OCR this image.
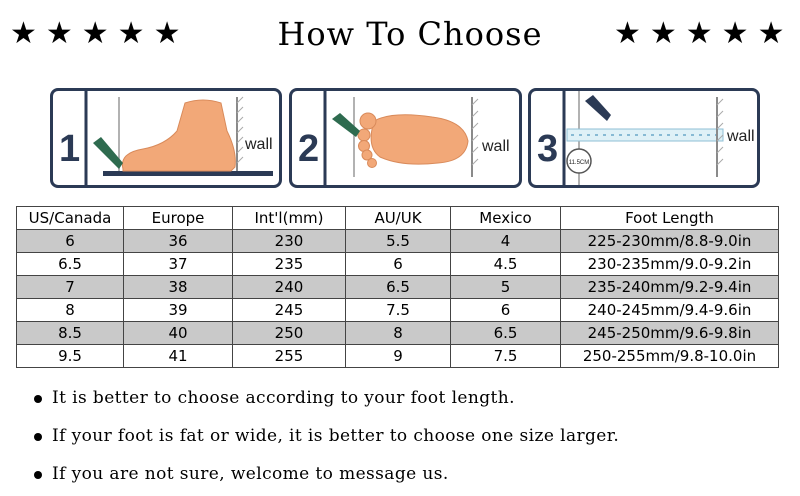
★★★★★	How To Choose	★★★★★
1	wall 2	wall 3 11.5CM
wall
US/Canada	Europe	Int'l(mm)	AU/UK	Mexico	Foot Length
6	36	230	5.5	4	225-230mm/8.8-9.0in
6.5	37	235	6	4.5	230-235mm/9.0-9.2in
7	38	240	6.5	5	235-240mm/9.2-9.4in
8	39	245	7.5	6	240-245mm/9.4-9.6in
8.5	40	250	8	6.5	245-250mm/9.6-9.8in
9.5	41	255	9	7.5	250-255mm/9.8-10.0in
It is better to choose according to your foot length.
If your foot is fat or wide, it is better to choose one size larger.
If you are not sure, welcome to message us.
